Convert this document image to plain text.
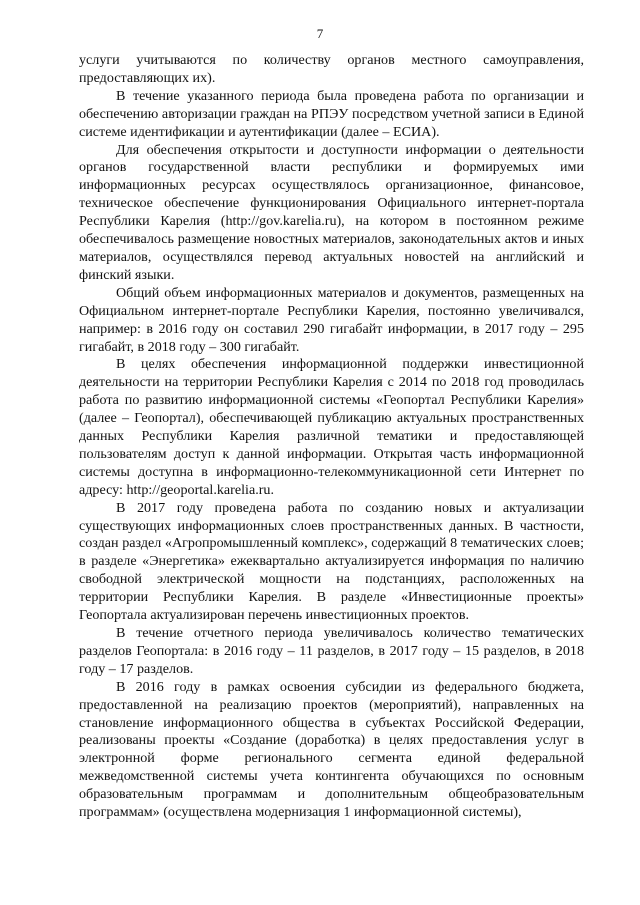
7

услуги учитываются по количеству органов местного самоуправления, предоставляющих их).

В течение указанного периода была проведена работа по организации и обеспечению авторизации граждан на РПЭУ посредством учетной записи в Единой системе идентификации и аутентификации (далее – ЕСИА).

Для обеспечения открытости и доступности информации о деятельности органов государственной власти республики и формируемых ими информационных ресурсах осуществлялось организационное, финансовое, техническое обеспечение функционирования Официального интернет-портала Республики Карелия (http://gov.karelia.ru), на котором в постоянном режиме обеспечивалось размещение новостных материалов, законодательных актов и иных материалов, осуществлялся перевод актуальных новостей на английский и финский языки.

Общий объем информационных материалов и документов, размещенных на Официальном интернет-портале Республики Карелия, постоянно увеличивался, например: в 2016 году он составил 290 гигабайт информации, в 2017 году – 295 гигабайт, в 2018 году – 300 гигабайт.

В целях обеспечения информационной поддержки инвестиционной деятельности на территории Республики Карелия с 2014 по 2018 год проводилась работа по развитию информационной системы «Геопортал Республики Карелия» (далее – Геопортал), обеспечивающей публикацию актуальных пространственных данных Республики Карелия различной тематики и предоставляющей пользователям доступ к данной информации. Открытая часть информационной системы доступна в информационно-телекоммуникационной сети Интернет по адресу: http://geoportal.karelia.ru.

В 2017 году проведена работа по созданию новых и актуализации существующих информационных слоев пространственных данных. В частности, создан раздел «Агропромышленный комплекс», содержащий 8 тематических слоев; в разделе «Энергетика» ежеквартально актуализируется информация по наличию свободной электрической мощности на подстанциях, расположенных на территории Республики Карелия. В разделе «Инвестиционные проекты» Геопортала актуализирован перечень инвестиционных проектов.

В течение отчетного периода увеличивалось количество тематических разделов Геопортала: в 2016 году – 11 разделов, в 2017 году – 15 разделов, в 2018 году – 17 разделов.

В 2016 году в рамках освоения субсидии из федерального бюджета, предоставленной на реализацию проектов (мероприятий), направленных на становление информационного общества в субъектах Российской Федерации, реализованы проекты «Создание (доработка) в целях предоставления услуг в электронной форме регионального сегмента единой федеральной межведомственной системы учета контингента обучающихся по основным образовательным программам и дополнительным общеобразовательным программам» (осуществлена модернизация 1 информационной системы),
